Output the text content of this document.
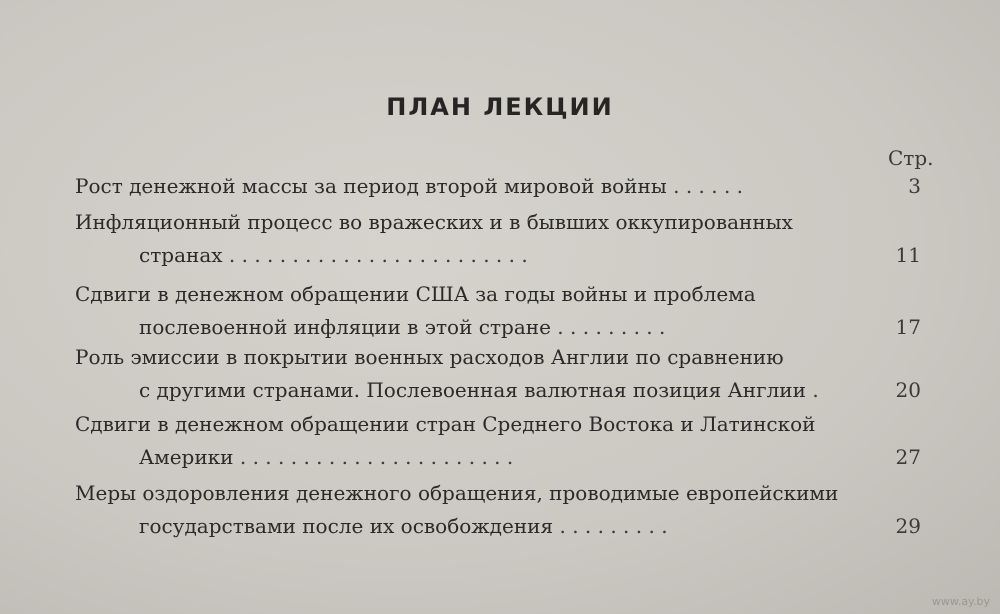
ПЛАН ЛЕКЦИИ
Стр.
Рост денежной массы за период второй мировой войны . . . . . .	3
Инфляционный процесс во вражеских и в бывших оккупированных
странах . . . . . . . . . . . . . . . . . . . . . . . .	11
Сдвиги в денежном обращении США за годы войны и проблема
послевоенной инфляции в этой стране . . . . . . . . .	17
Роль эмиссии в покрытии военных расходов Англии по сравнению
с другими странами. Послевоенная валютная позиция Англии .	20
Сдвиги в денежном обращении стран Среднего Востока и Латинской
Америки . . . . . . . . . . . . . . . . . . . . . .	27
Меры оздоровления денежного обращения, проводимые европейскими
государствами после их освобождения . . . . . . . . .	29
www.ay.by
